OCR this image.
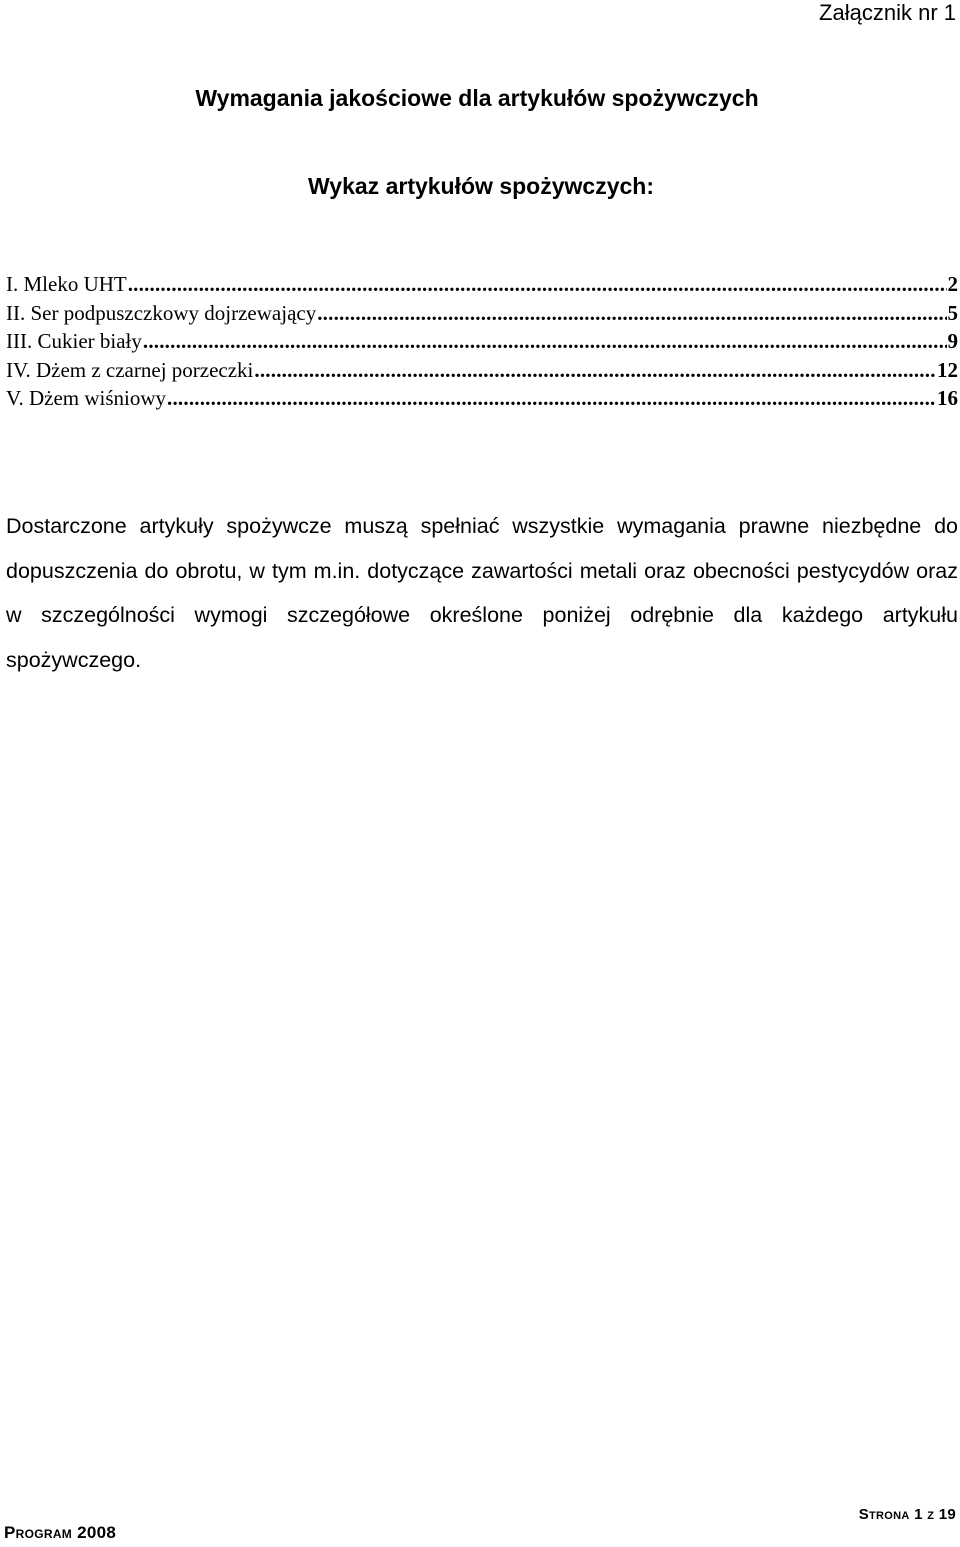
Załącznik nr 1
Wymagania jakościowe dla artykułów spożywczych
Wykaz artykułów spożywczych:
I. Mleko UHT .....	2
II. Ser podpuszczkowy dojrzewający .....	5
III. Cukier biały .....	9
IV. Dżem z czarnej porzeczki .....	12
V. Dżem wiśniowy .....	16

Dostarczone artykuły spożywcze muszą spełniać wszystkie wymagania prawne niezbędne do dopuszczenia do obrotu, w tym m.in. dotyczące zawartości metali oraz obecności pestycydów oraz w szczególności wymogi szczegółowe określone poniżej odrębnie dla każdego artykułu spożywczego.

Strona 1 z 19
Program 2008
